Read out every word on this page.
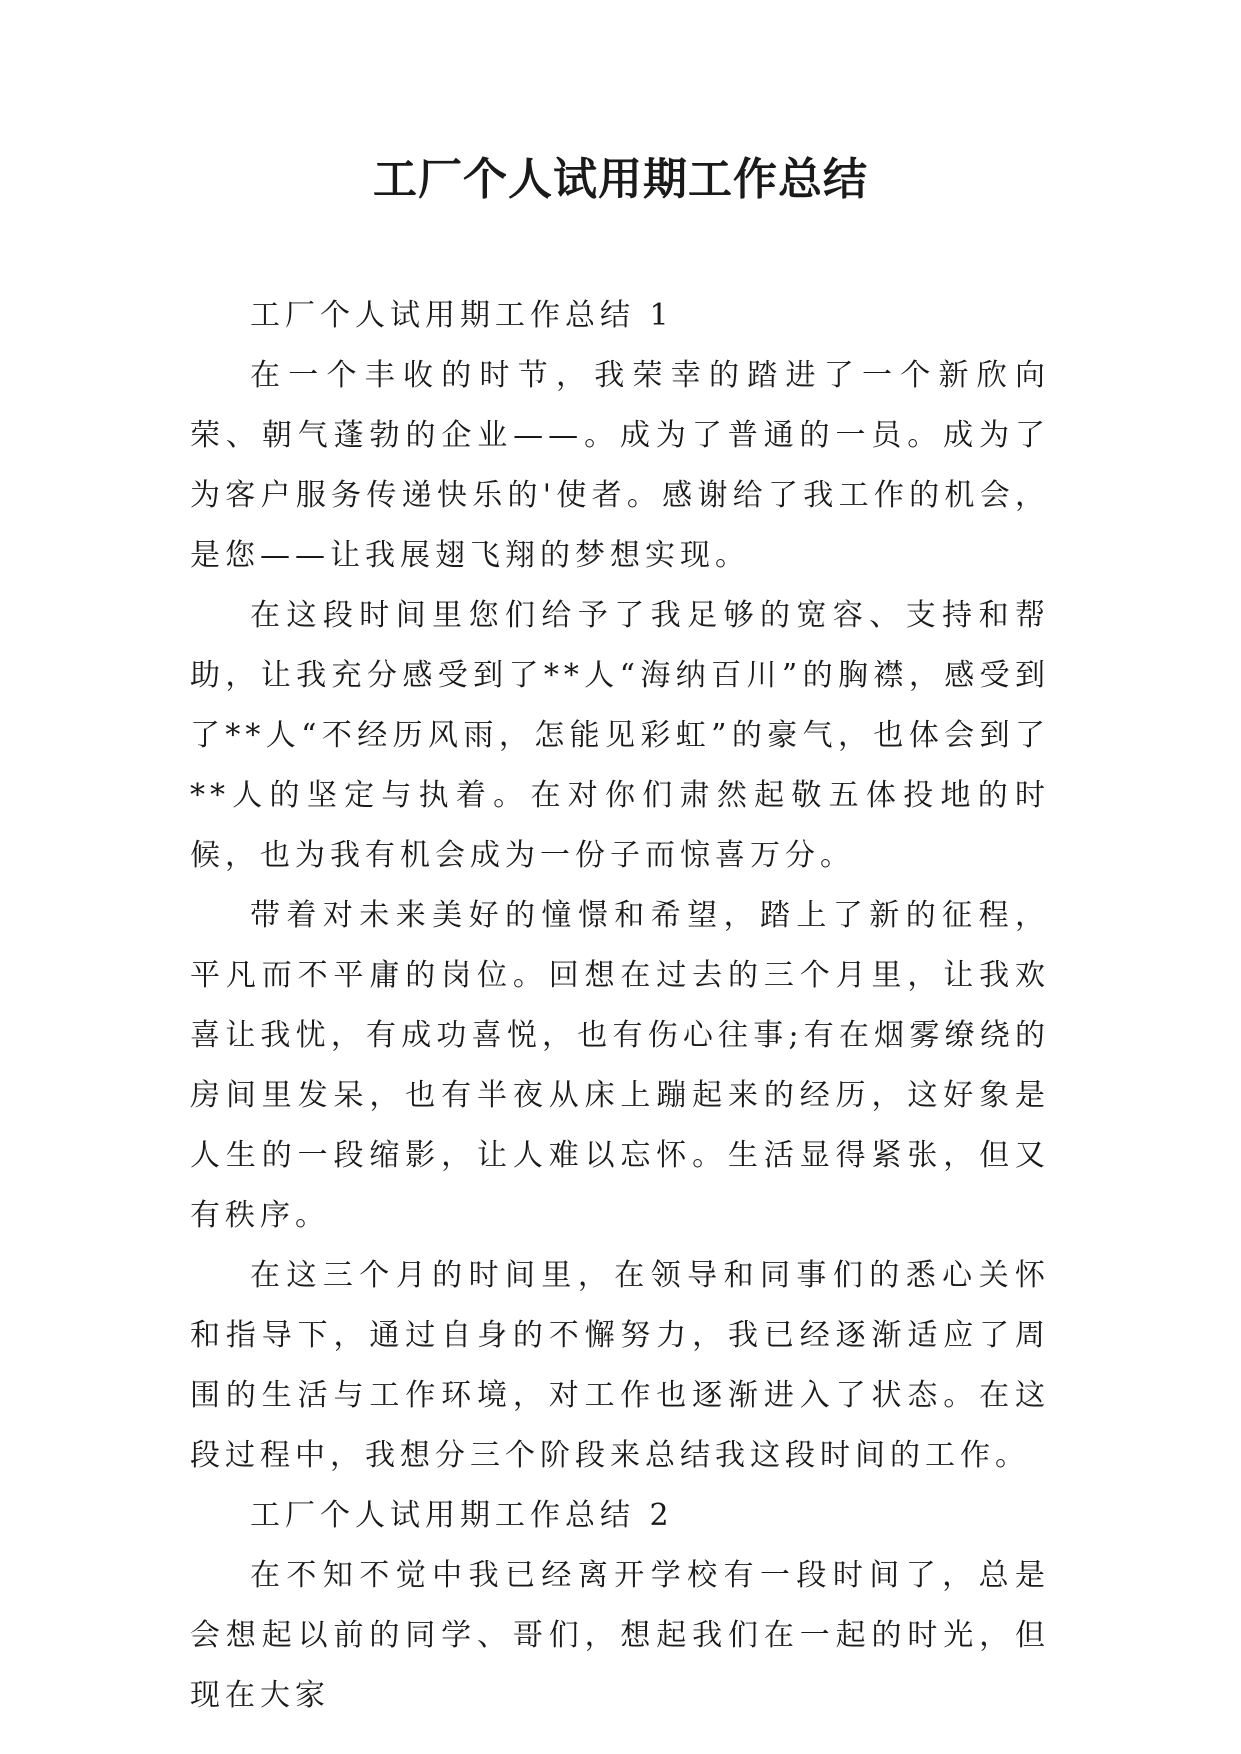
工厂个人试用期工作总结

工厂个人试用期工作总结 1

在一个丰收的时节，我荣幸的踏进了一个新欣向荣、朝气蓬勃的企业——。成为了普通的一员。成为了为客户服务传递快乐的'使者。感谢给了我工作的机会，是您——让我展翅飞翔的梦想实现。

在这段时间里您们给予了我足够的宽容、支持和帮助，让我充分感受到了**人“海纳百川”的胸襟，感受到了**人“不经历风雨，怎能见彩虹”的豪气，也体会到了**人的坚定与执着。在对你们肃然起敬五体投地的时候，也为我有机会成为一份子而惊喜万分。

带着对未来美好的憧憬和希望，踏上了新的征程，平凡而不平庸的岗位。回想在过去的三个月里，让我欢喜让我忧，有成功喜悦，也有伤心往事;有在烟雾缭绕的房间里发呆，也有半夜从床上蹦起来的经历，这好象是人生的一段缩影，让人难以忘怀。生活显得紧张，但又有秩序。

在这三个月的时间里，在领导和同事们的悉心关怀和指导下，通过自身的不懈努力，我已经逐渐适应了周围的生活与工作环境，对工作也逐渐进入了状态。在这段过程中，我想分三个阶段来总结我这段时间的工作。

工厂个人试用期工作总结 2

在不知不觉中我已经离开学校有一段时间了，总是会想起以前的同学、哥们，想起我们在一起的时光，但现在大家
